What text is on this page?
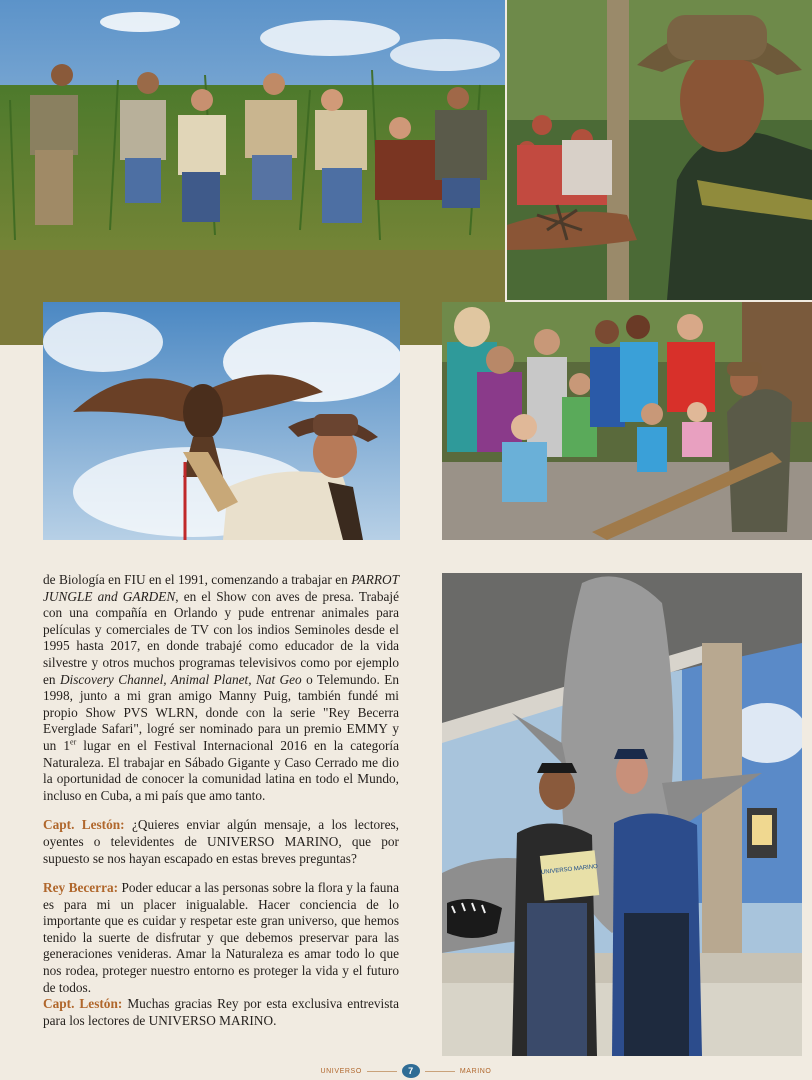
UNIVERSO MARINO

de Biología en FIU en el 1991, comenzando a trabajar en PARROT JUNGLE and GARDEN, en el Show con aves de presa. Trabajé con una compañía en Orlando y pude entrenar animales para películas y comerciales de TV con los indios Seminoles desde el 1995 hasta 2017, en donde trabajé como educador de la vida silvestre y otros muchos programas televisivos como por ejemplo en Discovery Channel, Animal Planet, Nat Geo o Telemundo. En 1998, junto a mi gran amigo Manny Puig, también fundé mi propio Show PVS WLRN, donde con la serie "Rey Becerra Everglade Safari", logré ser nominado para un premio EMMY y un 1er lugar en el Festival Internacional 2016 en la categoría Naturaleza. El trabajar en Sábado Gigante y Caso Cerrado me dio la oportunidad de conocer la comunidad latina en todo el Mundo, incluso en Cuba, a mi país que amo tanto.

Capt. Lestón: ¿Quieres enviar algún mensaje, a los lectores, oyentes o televidentes de UNIVERSO MARINO, que por supuesto se nos hayan escapado en estas breves preguntas?

Rey Becerra: Poder educar a las personas sobre la flora y la fauna es para mi un placer inigualable. Hacer conciencia de lo importante que es cuidar y respetar este gran universo, que hemos tenido la suerte de disfrutar y que debemos preservar para las generaciones venideras. Amar la Naturaleza es amar todo lo que nos rodea, proteger nuestro entorno es proteger la vida y el futuro de todos.

Capt. Lestón: Muchas gracias Rey por esta exclusiva entrevista para los lectores de UNIVERSO MARINO.

UNIVERSO	7	MARINO
